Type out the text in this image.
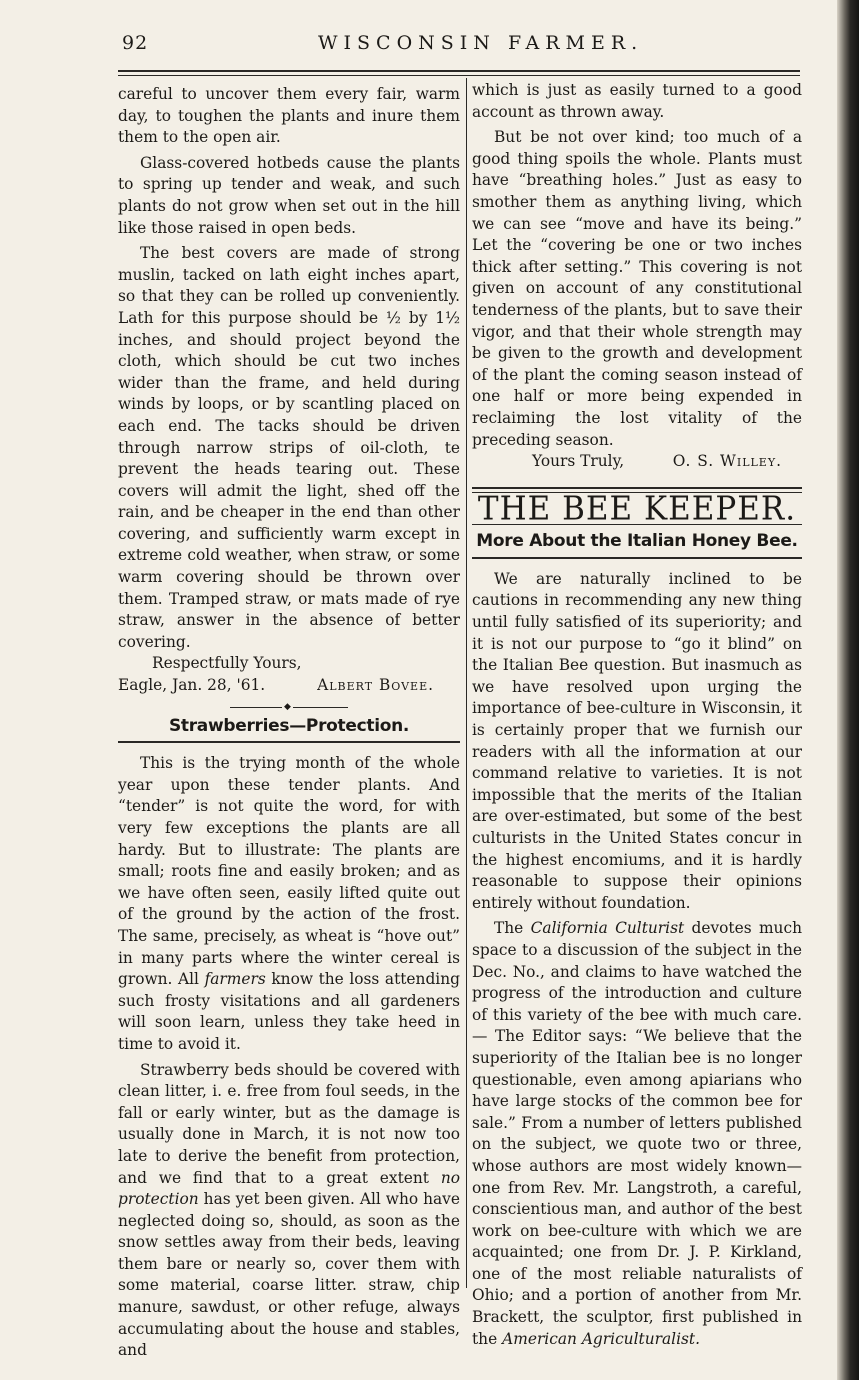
92	WISCONSIN FARMER.

careful to uncover them every fair, warm day, to toughen the plants and inure them them to the open air.

Glass-covered hotbeds cause the plants to spring up tender and weak, and such plants do not grow when set out in the hill like those raised in open beds.

The best covers are made of strong muslin, tacked on lath eight inches apart, so that they can be rolled up conveniently. Lath for this purpose should be ½ by 1½ inches, and should project beyond the cloth, which should be cut two inches wider than the frame, and held during winds by loops, or by scantling placed on each end. The tacks should be driven through narrow strips of oil-cloth, te prevent the heads tearing out. These covers will admit the light, shed off the rain, and be cheaper in the end than other covering, and sufficiently warm except in extreme cold weather, when straw, or some warm covering should be thrown over them. Tramped straw, or mats made of rye straw, answer in the absence of better covering.

Respectfully Yours,

Eagle, Jan. 28, '61.	Albert Bovee.
◆
Strawberries—Protection.

This is the trying month of the whole year upon these tender plants. And “tender” is not quite the word, for with very few exceptions the plants are all hardy. But to illustrate: The plants are small; roots fine and easily broken; and as we have often seen, easily lifted quite out of the ground by the action of the frost. The same, precisely, as wheat is “hove out” in many parts where the winter cereal is grown. All farmers know the loss attending such frosty visitations and all gardeners will soon learn, unless they take heed in time to avoid it.

Strawberry beds should be covered with clean litter, i. e. free from foul seeds, in the fall or early winter, but as the damage is usually done in March, it is not now too late to derive the benefit from protection, and we find that to a great extent no protection has yet been given. All who have neglected doing so, should, as soon as the snow settles away from their beds, leaving them bare or nearly so, cover them with some material, coarse litter. straw, chip manure, sawdust, or other refuge, always accumulating about the house and stables, and

which is just as easily turned to a good account as thrown away.

But be not over kind; too much of a good thing spoils the whole. Plants must have “breathing holes.” Just as easy to smother them as anything living, which we can see “move and have its being.” Let the “covering be one or two inches thick after setting.” This covering is not given on account of any constitutional tenderness of the plants, but to save their vigor, and that their whole strength may be given to the growth and development of the plant the coming season instead of one half or more being expended in reclaiming the lost vitality of the preceding season.

Yours Truly,	O. S. Willey.
THE BEE KEEPER.
More About the Italian Honey Bee.

We are naturally inclined to be cautions in recommending any new thing until fully satisfied of its superiority; and it is not our purpose to “go it blind” on the Italian Bee question. But inasmuch as we have resolved upon urging the importance of bee-culture in Wisconsin, it is certainly proper that we furnish our readers with all the information at our command relative to varieties. It is not impossible that the merits of the Italian are over-estimated, but some of the best culturists in the United States concur in the highest encomiums, and it is hardly reasonable to suppose their opinions entirely without foundation.

The California Culturist devotes much space to a discussion of the subject in the Dec. No., and claims to have watched the progress of the introduction and culture of this variety of the bee with much care.— The Editor says: “We believe that the superiority of the Italian bee is no longer questionable, even among apiarians who have large stocks of the common bee for sale.” From a number of letters published on the subject, we quote two or three, whose authors are most widely known—one from Rev. Mr. Langstroth, a careful, conscientious man, and author of the best work on bee-culture with which we are acquainted; one from Dr. J. P. Kirkland, one of the most reliable naturalists of Ohio; and a portion of another from Mr. Brackett, the sculptor, first published in the American Agriculturalist.
